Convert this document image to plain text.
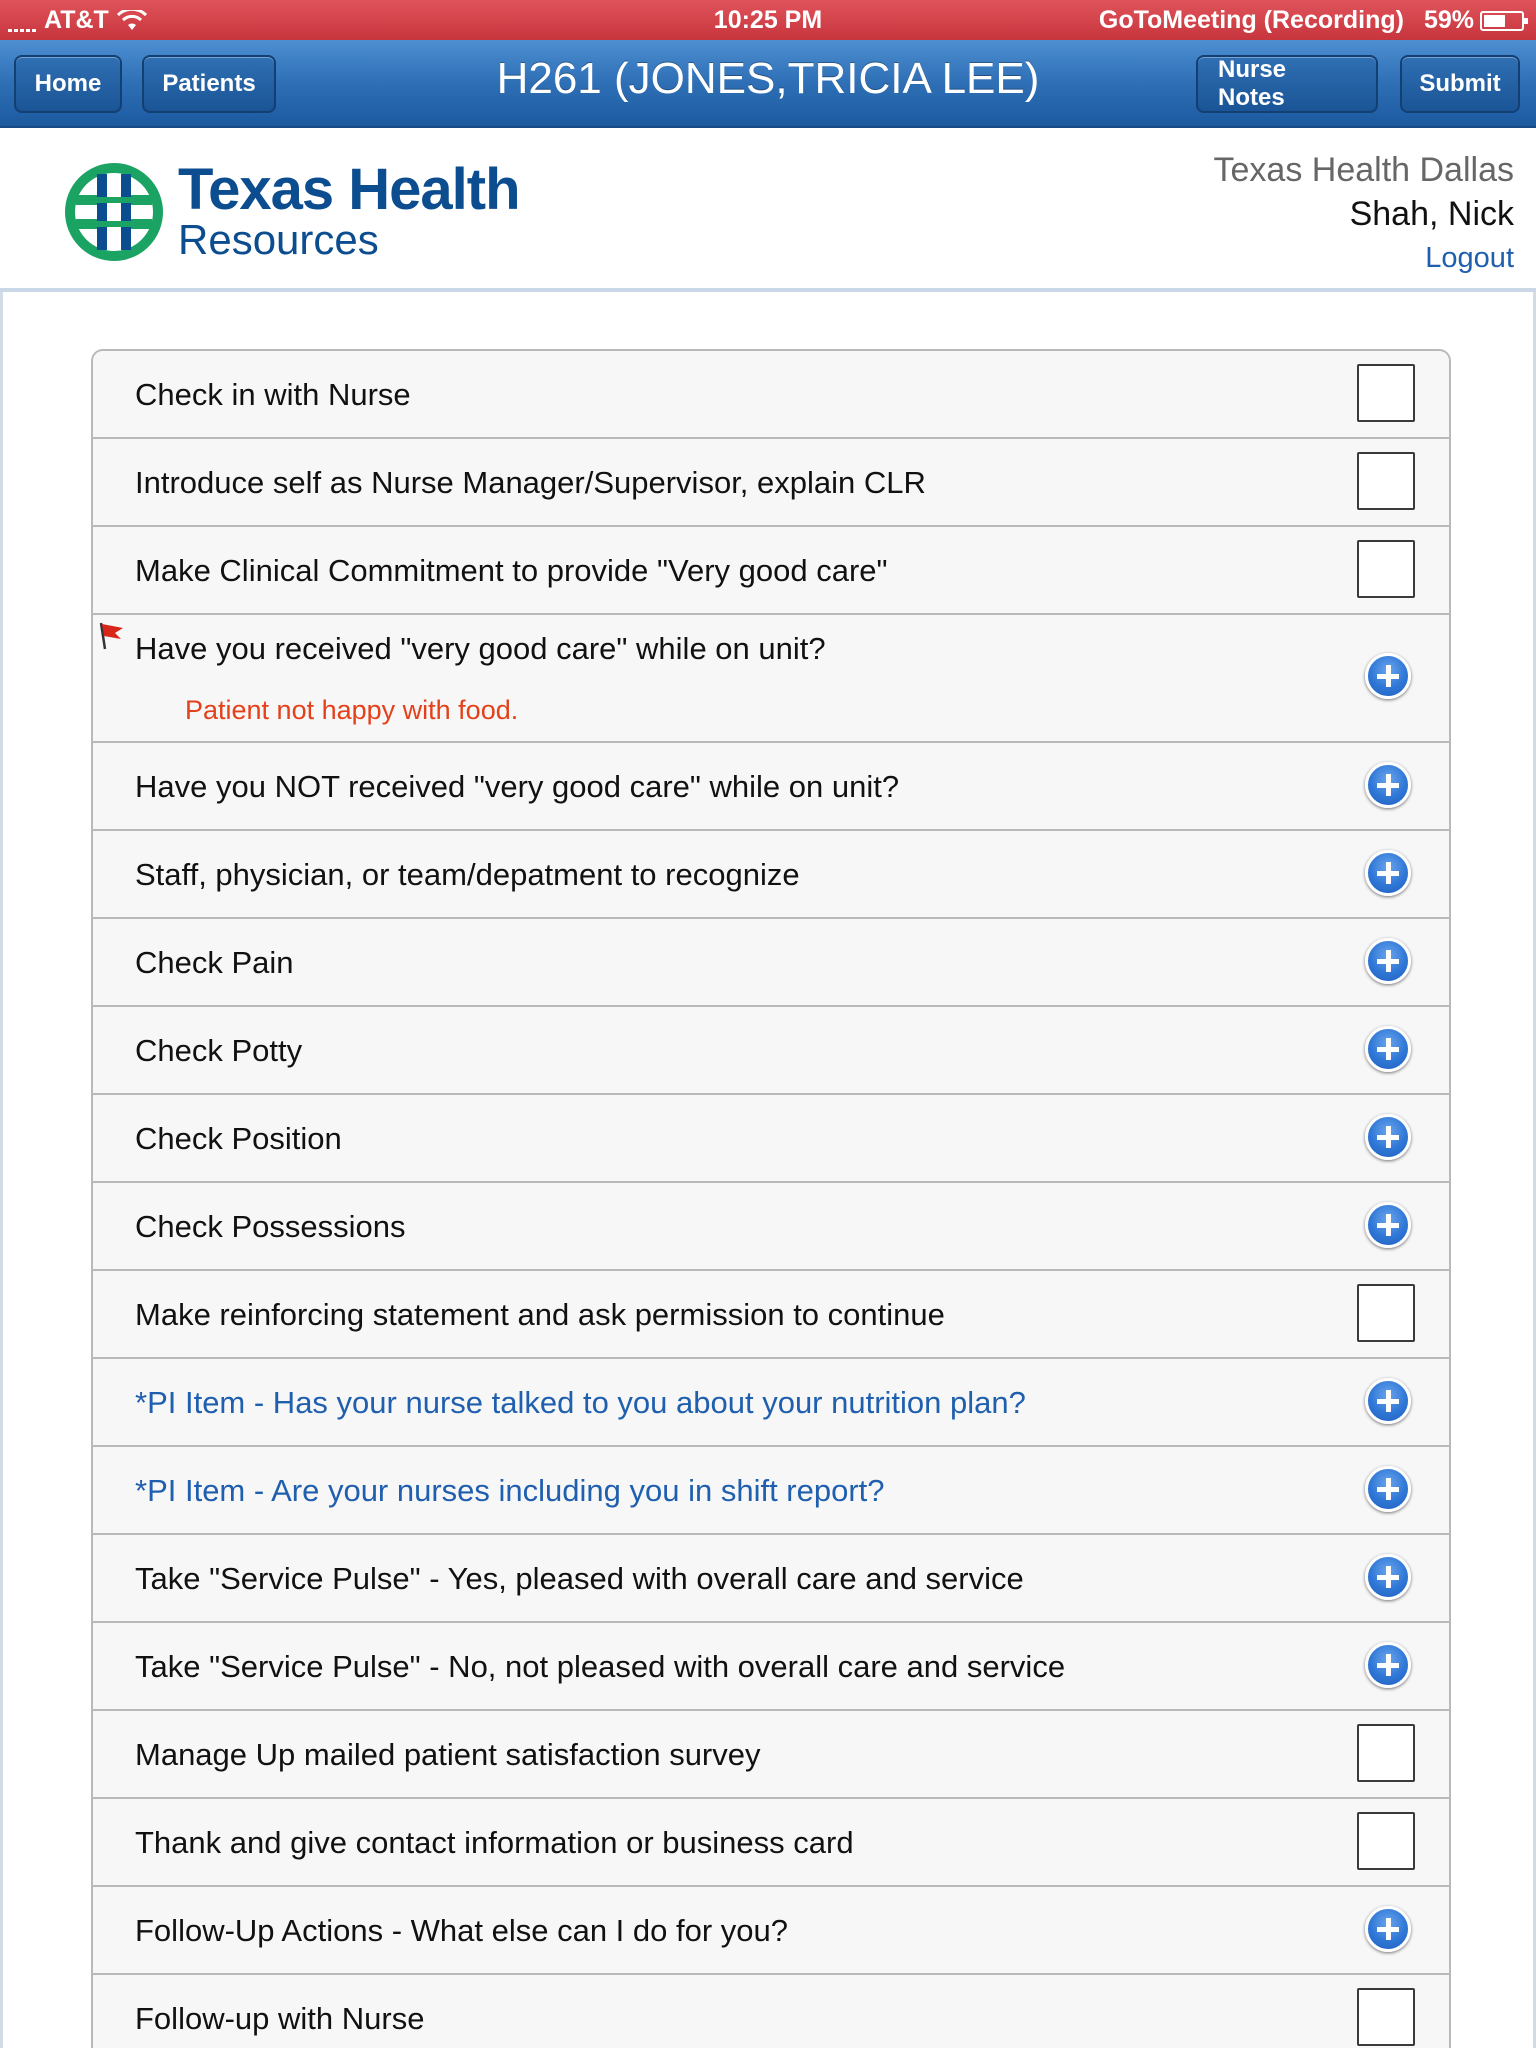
AT&T	10:25 PM	GoToMeeting (Recording) 59%
Home	Patients	H261 (JONES,TRICIA LEE)	Nurse Notes
Submit
Texas Health
Resources
Texas Health Dallas
Shah, Nick
Logout
Check in with Nurse
Introduce self as Nurse Manager/Supervisor, explain CLR
Make Clinical Commitment to provide "Very good care"
Have you received "very good care" while on unit?
Patient not happy with food.
Have you NOT received "very good care" while on unit?
Staff, physician, or team/depatment to recognize
Check Pain
Check Potty
Check Position
Check Possessions
Make reinforcing statement and ask permission to continue
*PI Item - Has your nurse talked to you about your nutrition plan?
*PI Item - Are your nurses including you in shift report?
Take "Service Pulse" - Yes, pleased with overall care and service
Take "Service Pulse" - No, not pleased with overall care and service
Manage Up mailed patient satisfaction survey
Thank and give contact information or business card
Follow-Up Actions - What else can I do for you?
Follow-up with Nurse
